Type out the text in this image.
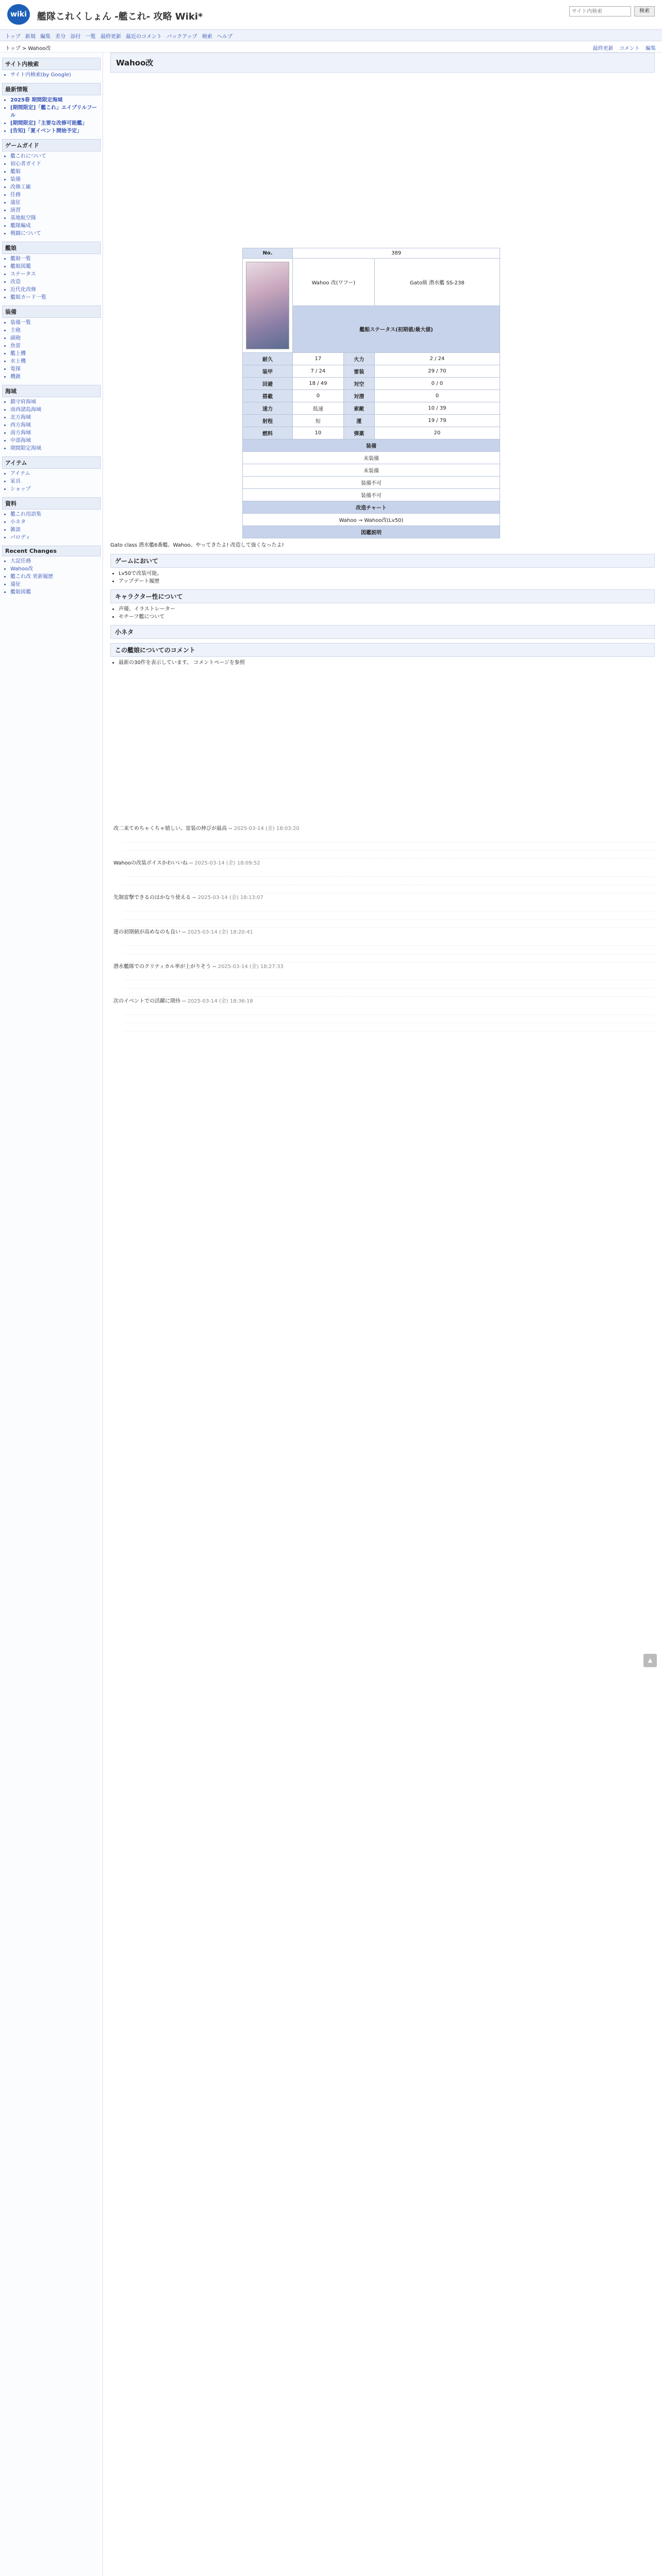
wiki	艦隊これくしょん -艦これ- 攻略 Wiki*
サイト内検索
検索
トップ 新規 編集 差分 添付 一覧 最終更新 最近のコメント バックアップ 検索 ヘルプ
トップ > Wahoo改	最終更新 コメント 編集
サイト内検索
• サイト内検索(by Google)
最新情報
• 2025春 期間限定海域
• [期間限定]「艦これ」エイプリルフール
• [期間限定]「主要な改修可能艦」
• [告知]「夏イベント開始予定」
ゲームガイド
• 艦これについて
• 初心者ガイド
• 艦娘
• 装備
• 改修工廠
• 任務
• 遠征
• 演習
• 基地航空隊
• 艦隊編成
• 戦闘について
艦娘
• 艦娘一覧
• 艦娘図鑑
• ステータス
• 改造
• 近代化改修
• 艦娘カード一覧
装備
• 装備一覧
• 主砲
• 副砲
• 魚雷
• 艦上機
• 水上機
• 電探
• 機銃
海域
• 鎮守府海域
• 南西諸島海域
• 北方海域
• 西方海域
• 南方海域
• 中部海域
• 期間限定海域
アイテム
• アイテム
• 家具
• ショップ
資料
• 艦これ用語集
• 小ネタ
• 雑談
• パロディ
Recent Changes
• 大淀任務
• Wahoo改
• 艦これ改 更新履歴
• 遠征
• 艦娘図鑑
Wahoo改
No.	389		

	Wahoo 改(ワフー)		Gato級 潜水艦 SS-238
	艦船ステータス(初期値/最大値)		
耐久	17	火力	2 / 24
装甲	7 / 24	雷装	29 / 70
回避	18 / 49	対空	0 / 0
搭載	0	対潜	0
速力	低速	索敵	10 / 39
射程	短	運	19 / 79
燃料	10	弾薬	20
装備			
未装備			
未装備			
装備不可			
装備不可			
改造チャート			
Wahoo → Wahoo改(Lv50)			
図鑑説明			
Gato class 潜水艦6番艦、Wahoo。やってきたよ! 改造して強くなったよ!
ゲームにおいて
• Lv50で改装可能。
• アップデート履歴
キャラクター性について
• 声優、イラストレーター
• モチーフ艦について
小ネタ
この艦娘についてのコメント
• 最新の30件を表示しています。 コメントページを参照
改二来てめちゃくちゃ嬉しい。雷装の伸びが最高 -- 2025-03-14 (金) 18:03:20
Wahooの改装ボイスかわいいね -- 2025-03-14 (金) 18:09:52
先制雷撃できるのはかなり使える -- 2025-03-14 (金) 18:13:07
運の初期値が高めなのも良い -- 2025-03-14 (金) 18:20:41
潜水艦隊でのクリティカル率が上がりそう -- 2025-03-14 (金) 18:27:33
次のイベントでの活躍に期待 -- 2025-03-14 (金) 18:36:18

▲
